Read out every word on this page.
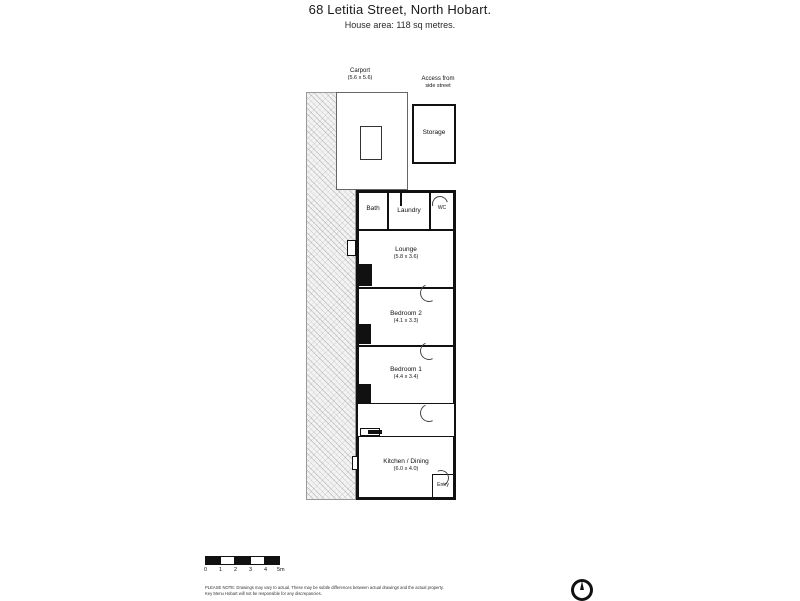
68 Letitia Street, North Hobart.
House area: 118 sq metres.
Carport
(5.6 x 5.6)	Access from
side street
Storage
Bath	Laundry	WC
Lounge
(5.8 x 3.6)
Bedroom 2
(4.1 x 3.3)
Bedroom 1
(4.4 x 3.4)
Kitchen / Dining
(6.0 x 4.0)
Entry
0 1 2 3 4 5m
PLEASE NOTE: Drawings may vary to actual. These may be subtle differences between actual drawings and the actual property.
Key Menu Hobart will not be responsible for any discrepancies.
